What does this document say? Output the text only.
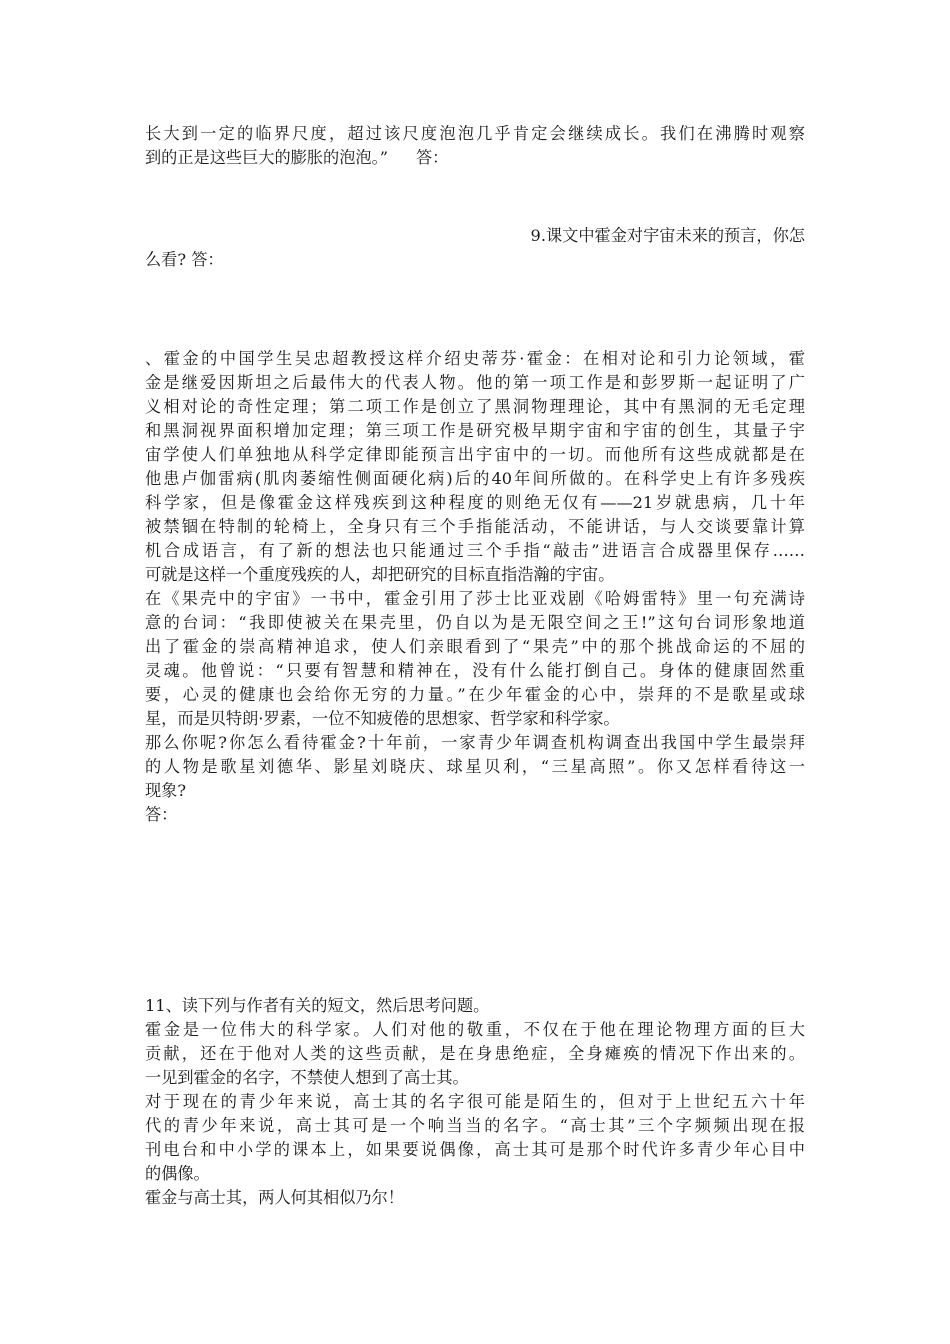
长大到一定的临界尺度，超过该尺度泡泡几乎肯定会继续成长。我们在沸腾时观察
到的正是这些巨大的膨胀的泡泡。” 答：
9.课文中霍金对宇宙未来的预言，你怎
么看? 答：
、霍金的中国学生吴忠超教授这样介绍史蒂芬·霍金：在相对论和引力论领域，霍
金是继爱因斯坦之后最伟大的代表人物。他的第一项工作是和彭罗斯一起证明了广
义相对论的奇性定理；第二项工作是创立了黑洞物理理论，其中有黑洞的无毛定理
和黑洞视界面积增加定理；第三项工作是研究极早期宇宙和宇宙的创生，其量子宇
宙学使人们单独地从科学定律即能预言出宇宙中的一切。而他所有这些成就都是在
他患卢伽雷病(肌肉萎缩性侧面硬化病)后的40年间所做的。在科学史上有许多残疾
科学家，但是像霍金这样残疾到这种程度的则绝无仅有——21岁就患病，几十年
被禁锢在特制的轮椅上，全身只有三个手指能活动，不能讲话，与人交谈要靠计算
机合成语言，有了新的想法也只能通过三个手指“敲击”进语言合成器里保存……
可就是这样一个重度残疾的人，却把研究的目标直指浩瀚的宇宙。
在《果壳中的宇宙》一书中，霍金引用了莎士比亚戏剧《哈姆雷特》里一句充满诗
意的台词：“我即使被关在果壳里，仍自以为是无限空间之王!”这句台词形象地道
出了霍金的崇高精神追求，使人们亲眼看到了“果壳”中的那个挑战命运的不屈的
灵魂。他曾说：“只要有智慧和精神在，没有什么能打倒自己。身体的健康固然重
要，心灵的健康也会给你无穷的力量。”在少年霍金的心中，崇拜的不是歌星或球
星，而是贝特朗·罗素，一位不知疲倦的思想家、哲学家和科学家。
那么你呢?你怎么看待霍金?十年前，一家青少年调查机构调查出我国中学生最崇拜
的人物是歌星刘德华、影星刘晓庆、球星贝利，“三星高照”。你又怎样看待这一
现象?
答：
11、读下列与作者有关的短文，然后思考问题。
霍金是一位伟大的科学家。人们对他的敬重，不仅在于他在理论物理方面的巨大
贡献，还在于他对人类的这些贡献，是在身患绝症，全身瘫痪的情况下作出来的。
一见到霍金的名字，不禁使人想到了高士其。
对于现在的青少年来说，高士其的名字很可能是陌生的，但对于上世纪五六十年
代的青少年来说，高士其可是一个响当当的名字。“高士其”三个字频频出现在报
刊电台和中小学的课本上，如果要说偶像，高士其可是那个时代许多青少年心目中
的偶像。
霍金与高士其，两人何其相似乃尔！
